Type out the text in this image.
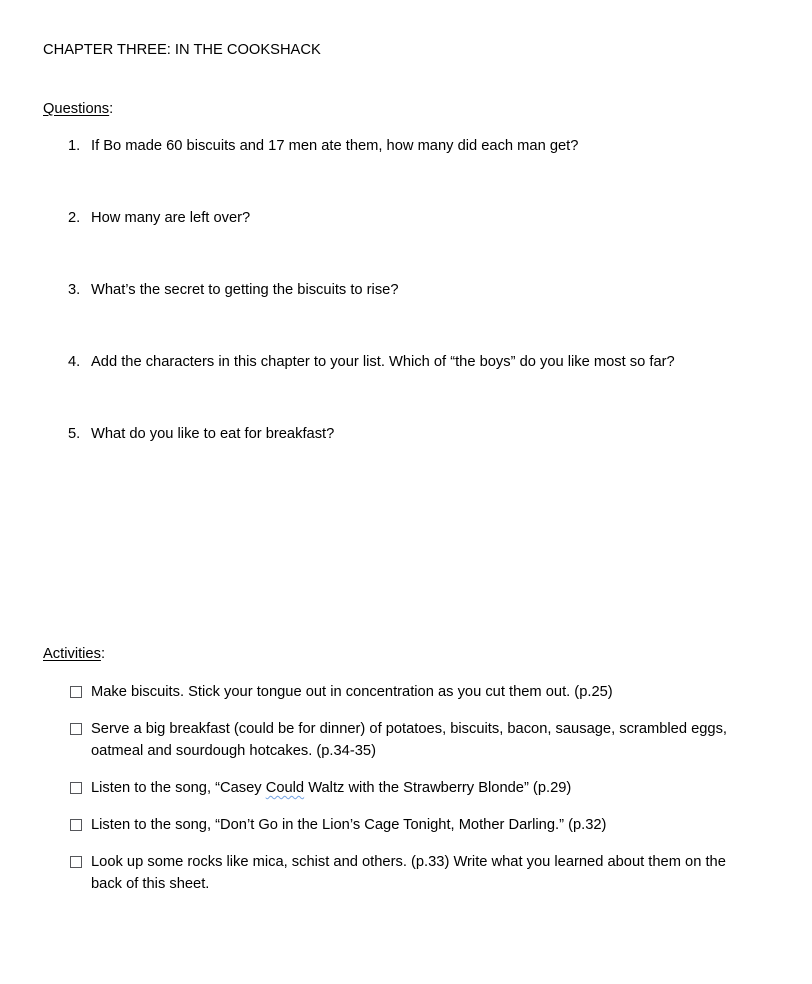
CHAPTER THREE: IN THE COOKSHACK
Questions:
1. If Bo made 60 biscuits and 17 men ate them, how many did each man get?
2. How many are left over?
3. What’s the secret to getting the biscuits to rise?
4. Add the characters in this chapter to your list. Which of “the boys” do you like most so far?
5. What do you like to eat for breakfast?
Activities:
Make biscuits. Stick your tongue out in concentration as you cut them out. (p.25)
Serve a big breakfast (could be for dinner) of potatoes, biscuits, bacon, sausage, scrambled eggs, oatmeal and sourdough hotcakes. (p.34-35)
Listen to the song, “Casey Could Waltz with the Strawberry Blonde” (p.29)
Listen to the song, “Don’t Go in the Lion’s Cage Tonight, Mother Darling.” (p.32)
Look up some rocks like mica, schist and others. (p.33) Write what you learned about them on the back of this sheet.
